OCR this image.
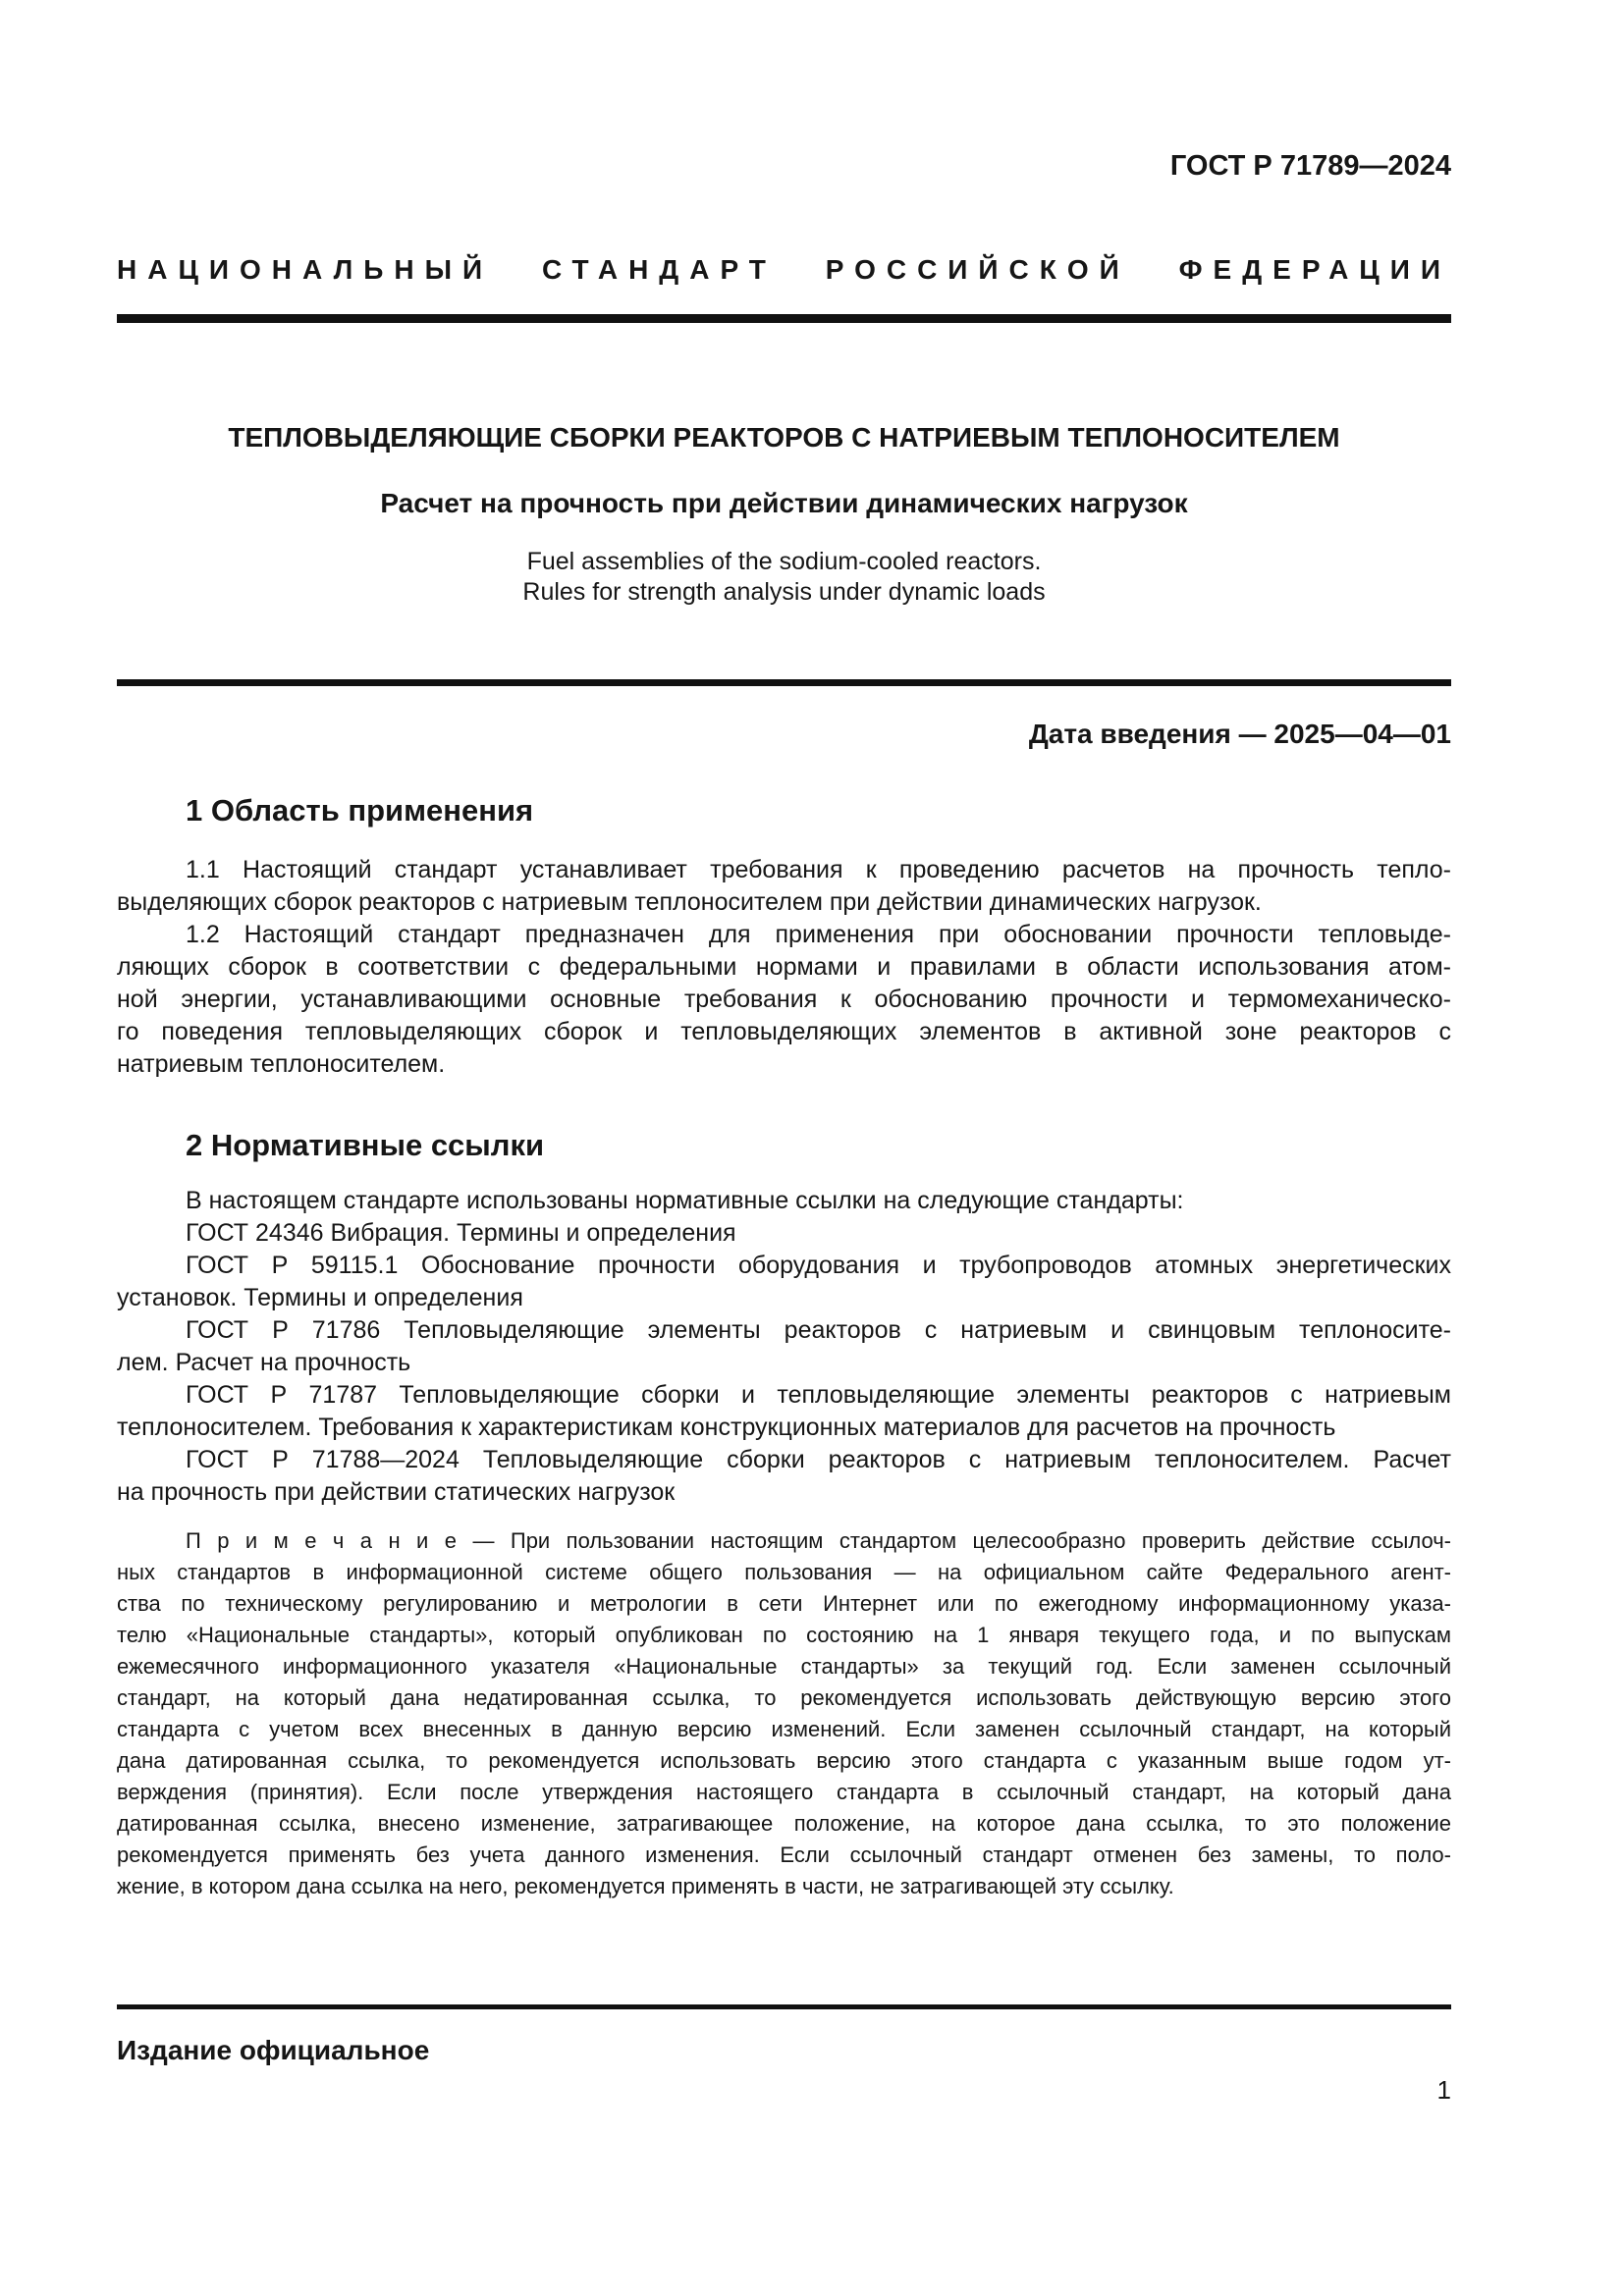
ГОСТ Р 71789—2024
НАЦИОНАЛЬНЫЙ СТАНДАРТ РОССИЙСКОЙ ФЕДЕРАЦИИ
ТЕПЛОВЫДЕЛЯЮЩИЕ СБОРКИ РЕАКТОРОВ С НАТРИЕВЫМ ТЕПЛОНОСИТЕЛЕМ
Расчет на прочность при действии динамических нагрузок
Fuel assemblies of the sodium-cooled reactors.
Rules for strength analysis under dynamic loads
Дата введения — 2025—04—01
1 Область применения
1.1 Настоящий стандарт устанавливает требования к проведению расчетов на прочность тепло-
выделяющих сборок реакторов с натриевым теплоносителем при действии динамических нагрузок.
1.2 Настоящий стандарт предназначен для применения при обосновании прочности тепловыде-
ляющих сборок в соответствии с федеральными нормами и правилами в области использования атом-
ной энергии, устанавливающими основные требования к обоснованию прочности и термомеханическо-
го поведения тепловыделяющих сборок и тепловыделяющих элементов в активной зоне реакторов с
натриевым теплоносителем.
2 Нормативные ссылки
В настоящем стандарте использованы нормативные ссылки на следующие стандарты:
ГОСТ 24346 Вибрация. Термины и определения
ГОСТ Р 59115.1 Обоснование прочности оборудования и трубопроводов атомных энергетических
установок. Термины и определения
ГОСТ Р 71786 Тепловыделяющие элементы реакторов с натриевым и свинцовым теплоносите-
лем. Расчет на прочность
ГОСТ Р 71787 Тепловыделяющие сборки и тепловыделяющие элементы реакторов с натриевым
теплоносителем. Требования к характеристикам конструкционных материалов для расчетов на прочность
ГОСТ Р 71788—2024 Тепловыделяющие сборки реакторов с натриевым теплоносителем. Расчет
на прочность при действии статических нагрузок
П р и м е ч а н и е — При пользовании настоящим стандартом целесообразно проверить действие ссылоч-
ных стандартов в информационной системе общего пользования — на официальном сайте Федерального агент-
ства по техническому регулированию и метрологии в сети Интернет или по ежегодному информационному указа-
телю «Национальные стандарты», который опубликован по состоянию на 1 января текущего года, и по выпускам
ежемесячного информационного указателя «Национальные стандарты» за текущий год. Если заменен ссылочный
стандарт, на который дана недатированная ссылка, то рекомендуется использовать действующую версию этого
стандарта с учетом всех внесенных в данную версию изменений. Если заменен ссылочный стандарт, на который
дана датированная ссылка, то рекомендуется использовать версию этого стандарта с указанным выше годом ут-
верждения (принятия). Если после утверждения настоящего стандарта в ссылочный стандарт, на который дана
датированная ссылка, внесено изменение, затрагивающее положение, на которое дана ссылка, то это положение
рекомендуется применять без учета данного изменения. Если ссылочный стандарт отменен без замены, то поло-
жение, в котором дана ссылка на него, рекомендуется применять в части, не затрагивающей эту ссылку.
Издание официальное
1
